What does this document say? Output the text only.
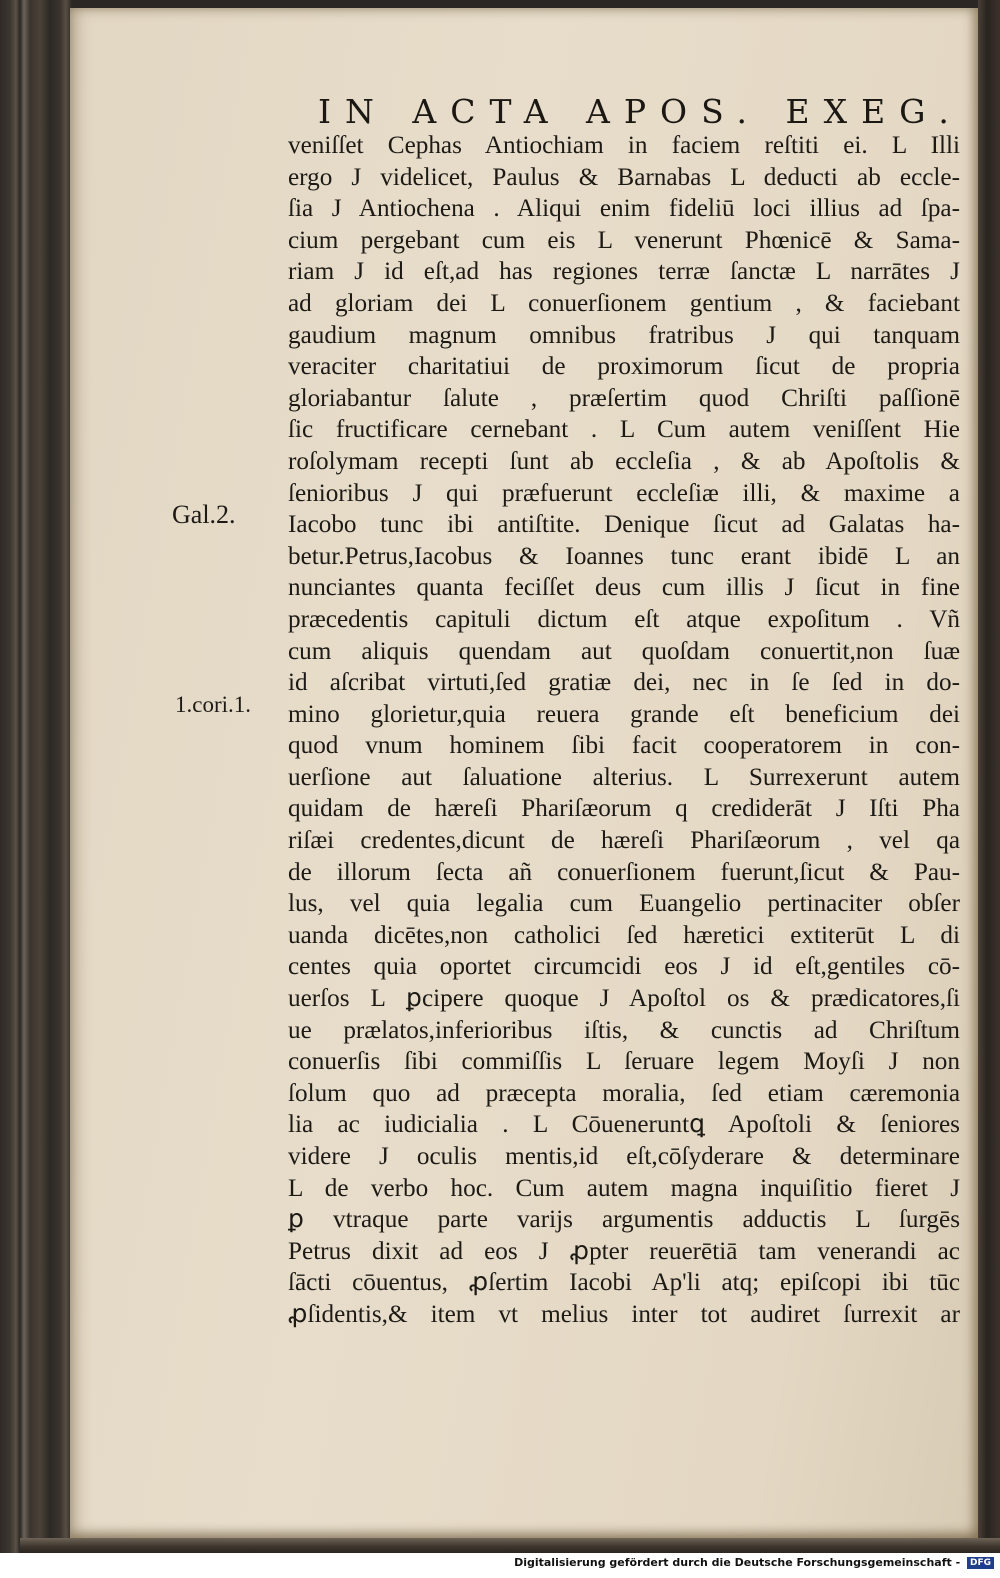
IN ACTA APOS. EXEG.
veniſſet Cephas Antiochiam in faciem reſtiti ei. L Illi
ergo J videlicet, Paulus & Barnabas L deducti ab eccle-
ſia J Antiochena . Aliqui enim fideliū loci illius ad ſpa-
cium pergebant cum eis L venerunt Phœnicē & Sama-
riam J id eſt,ad has regiones terræ ſanctæ L narrātes J
ad gloriam dei L conuerſionem gentium , & faciebant
gaudium magnum omnibus fratribus J qui tanquam
veraciter charitatiui de proximorum ſicut de propria
gloriabantur ſalute , præſertim quod Chriſti paſſionē
ſic fructificare cernebant . L Cum autem veniſſent Hie
roſolymam recepti ſunt ab eccleſia , & ab Apoſtolis &
ſenioribus J qui præfuerunt eccleſiæ illi, & maxime a
Iacobo tunc ibi antiſtite. Denique ſicut ad Galatas ha-
betur.Petrus,Iacobus & Ioannes tunc erant ibidē L an
nunciantes quanta feciſſet deus cum illis J ſicut in fine
præcedentis capituli dictum eſt atque expoſitum . Vñ
cum aliquis quendam aut quoſdam conuertit,non ſuæ
id aſcribat virtuti,ſed gratiæ dei, nec in ſe ſed in do-
mino glorietur,quia reuera grande eſt beneficium dei
quod vnum hominem ſibi facit cooperatorem in con-
uerſione aut ſaluatione alterius. L Surrexerunt autem
quidam de hæreſi Phariſæorum q crediderāt J Iſti Pha
riſæi credentes,dicunt de hæreſi Phariſæorum , vel qa
de illorum ſecta añ conuerſionem fuerunt,ſicut & Pau-
lus, vel quia legalia cum Euangelio pertinaciter obſer
uanda dicētes,non catholici ſed hæretici extiterūt L di
centes quia oportet circumcidi eos J id eſt,gentiles cō-
uerſos L ꝑcipere quoque J Apoſtol os & prædicatores,ſi
ue prælatos,inferioribus iſtis, & cunctis ad Chriſtum
conuerſis ſibi commiſſis L ſeruare legem Moyſi J non
ſolum quo ad præcepta moralia, ſed etiam cæremonia
lia ac iudicialia . L Cōueneruntꝗ Apoſtoli & ſeniores
videre J oculis mentis,id eſt,cōſyderare & determinare
L de verbo hoc. Cum autem magna inquiſitio fieret J
ꝑ vtraque parte varijs argumentis adductis L ſurgēs
Petrus dixit ad eos J ꝓpter reuerētiā tam venerandi ac
ſācti cōuentus, ꝓſertim Iacobi Ap'li atq; epiſcopi ibi tūc
ꝓſidentis,& item vt melius inter tot audiret ſurrexit ar
Gal.2.
1.cori.1.
Digitalisierung gefördert durch die Deutsche Forschungsgemeinschaft - DFG
